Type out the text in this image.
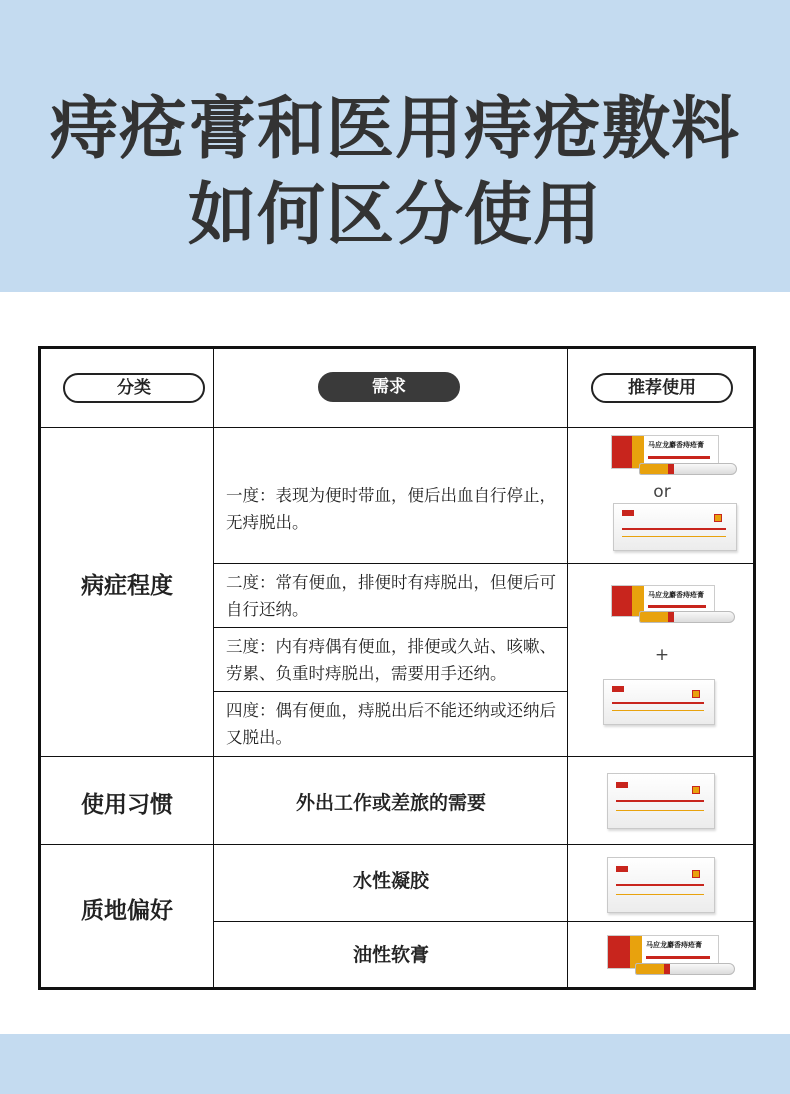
痔疮膏和医用痔疮敷料
如何区分使用
分类	需求	推荐使用
病症程度
使用习惯
质地偏好
一度：表现为便时带血，便后出血自行停止，无痔脱出。
二度：常有便血，排便时有痔脱出，但便后可自行还纳。
三度：内有痔偶有便血，排便或久站、咳嗽、劳累、负重时痔脱出，需要用手还纳。
四度：偶有便血，痔脱出后不能还纳或还纳后又脱出。
外出工作或差旅的需要
水性凝胶
油性软膏
马应龙麝香痔疮膏
or
马应龙麝香痔疮膏
+
马应龙麝香痔疮膏
